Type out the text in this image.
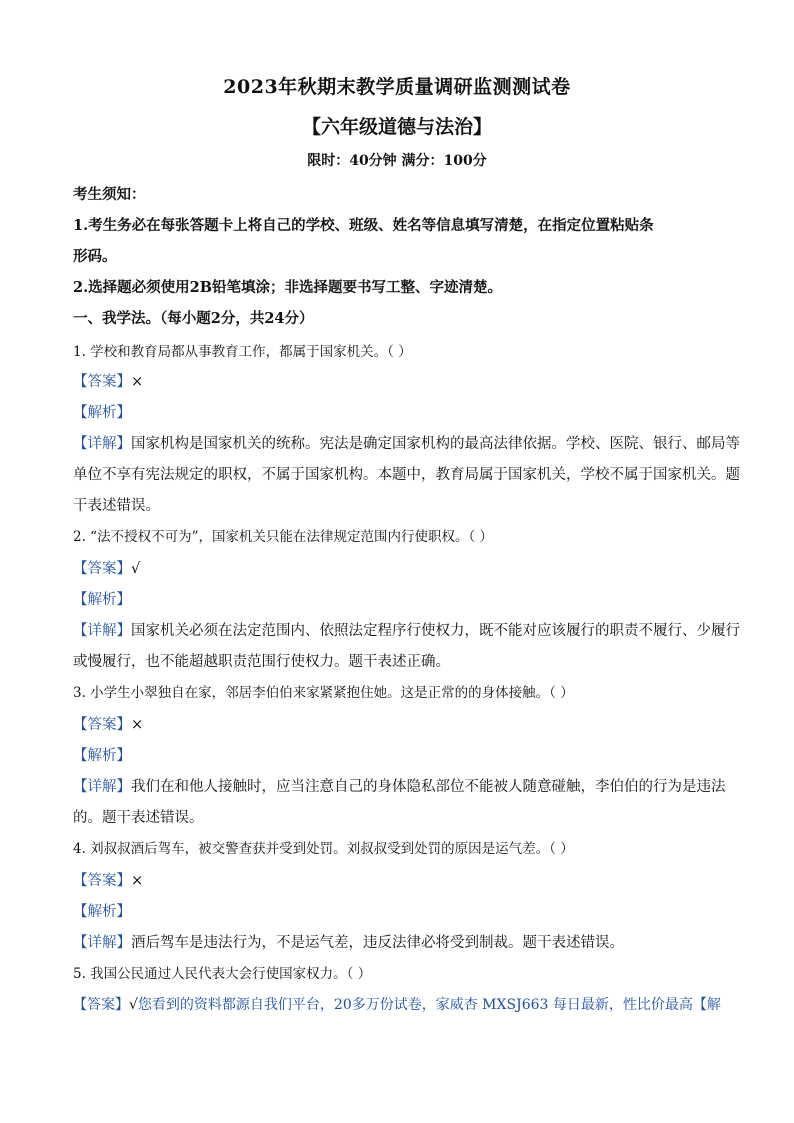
2023年秋期末教学质量调研监测测试卷
【六年级道德与法治】
限时：40分钟 满分：100分
考生须知：
1.考生务必在每张答题卡上将自己的学校、班级、姓名等信息填写清楚，在指定位置粘贴条
形码。
2.选择题必须使用2B铅笔填涂；非选择题要书写工整、字迹清楚。
一、我学法。（每小题2分，共24分）
1. 学校和教育局都从事教育工作，都属于国家机关。（ ）
【答案】×
【解析】
【详解】国家机构是国家机关的统称。宪法是确定国家机构的最高法律依据。学校、医院、银行、邮局等
单位不享有宪法规定的职权，不属于国家机构。本题中，教育局属于国家机关，学校不属于国家机关。题
干表述错误。
2. “法不授权不可为”，国家机关只能在法律规定范围内行使职权。（ ）
【答案】√
【解析】
【详解】国家机关必须在法定范围内、依照法定程序行使权力，既不能对应该履行的职责不履行、少履行
或慢履行，也不能超越职责范围行使权力。题干表述正确。
3. 小学生小翠独自在家，邻居李伯伯来家紧紧抱住她。这是正常的的身体接触。（ ）
【答案】×
【解析】
【详解】我们在和他人接触时，应当注意自己的身体隐私部位不能被人随意碰触，李伯伯的行为是违法
的。题干表述错误。
4. 刘叔叔酒后驾车，被交警查获并受到处罚。刘叔叔受到处罚的原因是运气差。（ ）
【答案】×
【解析】
【详解】酒后驾车是违法行为，不是运气差，违反法律必将受到制裁。题干表述错误。
5. 我国公民通过人民代表大会行使国家权力。（ ）
【答案】√您看到的资料都源自我们平台，20多万份试卷，家威杏 MXSJ663 每日最新，性比价最高【解
